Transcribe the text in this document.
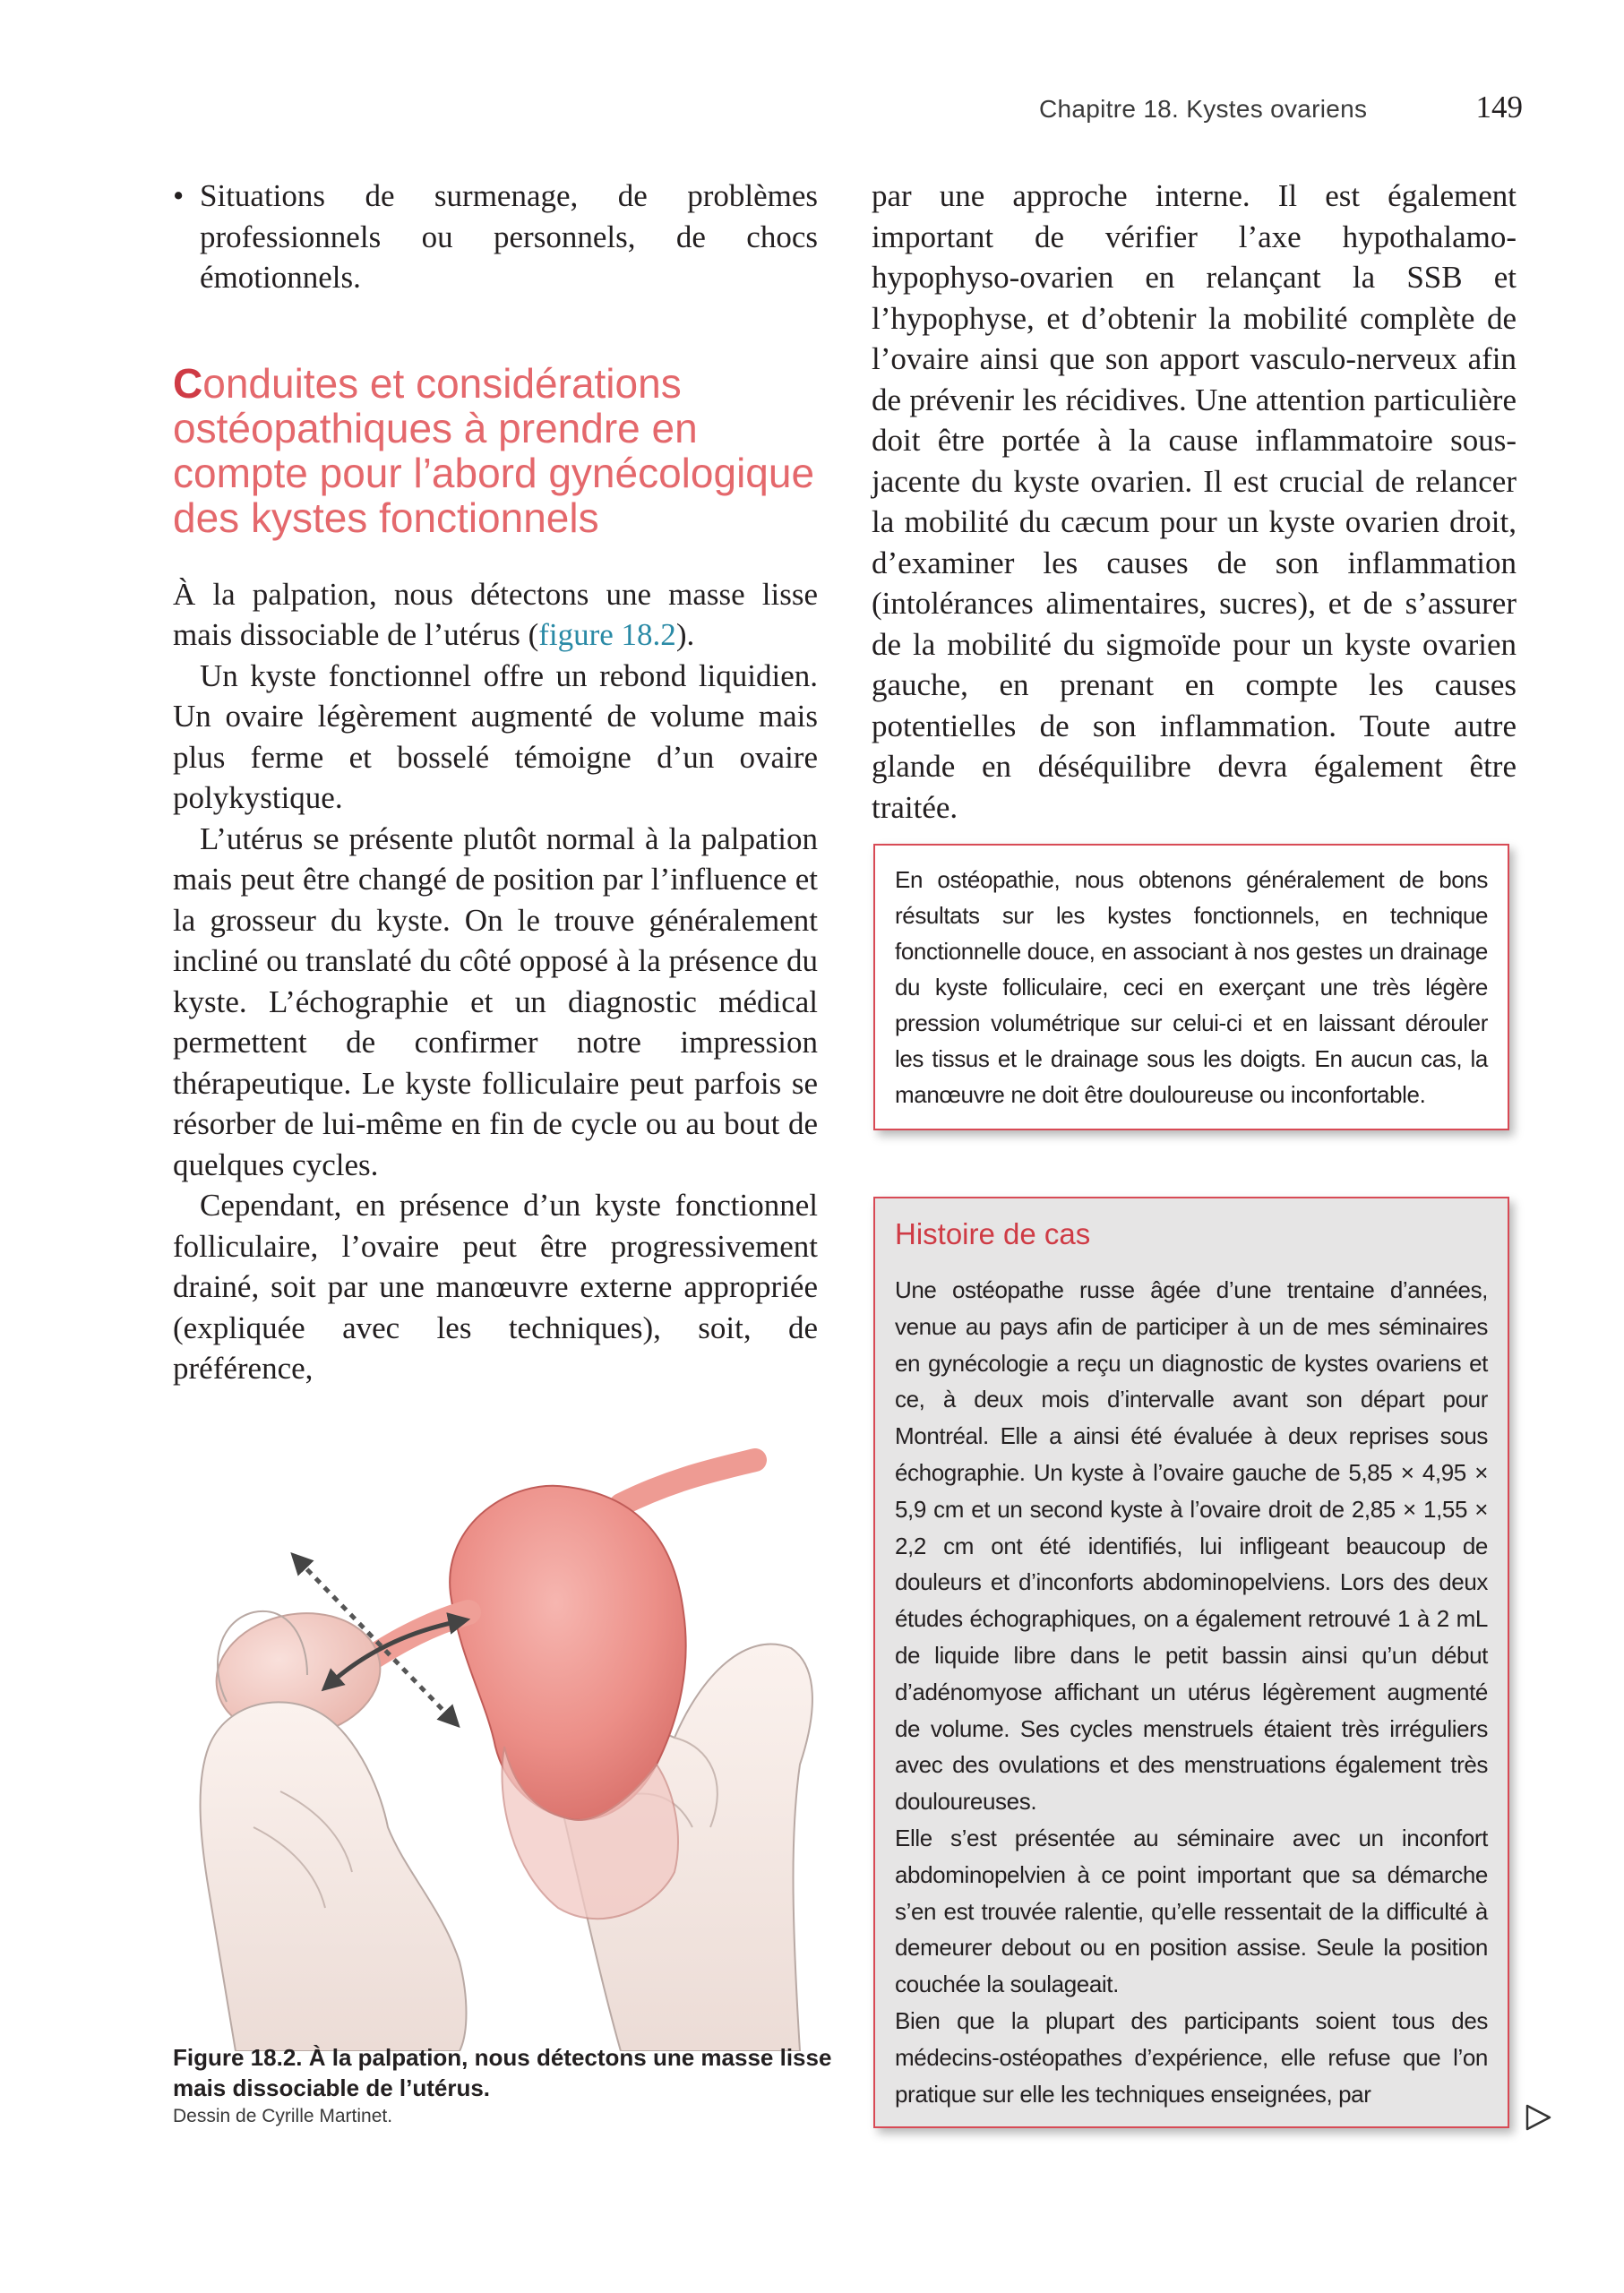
Chapitre 18. Kystes ovariens	149
• Situations de surmenage, de problèmes professionnels ou personnels, de chocs émotionnels.
Conduites et considérations ostéopathiques à prendre en compte pour l’abord gynécologique des kystes fonctionnels

À la palpation, nous détectons une masse lisse mais dissociable de l’utérus (figure 18.2).

Un kyste fonctionnel offre un rebond liquidien. Un ovaire légèrement augmenté de volume mais plus ferme et bosselé témoigne d’un ovaire polykystique.

L’utérus se présente plutôt normal à la palpation mais peut être changé de position par l’influence et la grosseur du kyste. On le trouve généralement incliné ou translaté du côté opposé à la présence du kyste. L’échographie et un diagnostic médical permettent de confirmer notre impression thérapeutique. Le kyste folliculaire peut parfois se résorber de lui-même en fin de cycle ou au bout de quelques cycles.

Cependant, en présence d’un kyste fonctionnel folliculaire, l’ovaire peut être progressivement drainé, soit par une manœuvre externe appropriée (expliquée avec les techniques), soit, de préférence,

Figure 18.2. À la palpation, nous détectons une masse lisse mais dissociable de l’utérus.
Dessin de Cyrille Martinet.

par une approche interne. Il est également important de vérifier l’axe hypothalamo-hypophyso-ovarien en relançant la SSB et l’hypophyse, et d’obtenir la mobilité complète de l’ovaire ainsi que son apport vasculo-nerveux afin de prévenir les récidives. Une attention particulière doit être portée à la cause inflammatoire sous-jacente du kyste ovarien. Il est crucial de relancer la mobilité du cæcum pour un kyste ovarien droit, d’examiner les causes de son inflammation (intolérances alimentaires, sucres), et de s’assurer de la mobilité du sigmoïde pour un kyste ovarien gauche, en prenant en compte les causes potentielles de son inflammation. Toute autre glande en déséquilibre devra également être traitée.

En ostéopathie, nous obtenons généralement de bons résultats sur les kystes fonctionnels, en technique fonctionnelle douce, en associant à nos gestes un drainage du kyste folliculaire, ceci en exerçant une très légère pression volumétrique sur celui-ci et en laissant dérouler les tissus et le drainage sous les doigts. En aucun cas, la manœuvre ne doit être douloureuse ou inconfortable.

Histoire de cas

Une ostéopathe russe âgée d’une trentaine d’années, venue au pays afin de participer à un de mes séminaires en gynécologie a reçu un diagnostic de kystes ovariens et ce, à deux mois d’intervalle avant son départ pour Montréal. Elle a ainsi été évaluée à deux reprises sous échographie. Un kyste à l’ovaire gauche de 5,85 × 4,95 × 5,9 cm et un second kyste à l’ovaire droit de 2,85 × 1,55 × 2,2 cm ont été identifiés, lui infligeant beaucoup de douleurs et d’inconforts abdominopelviens. Lors des deux études échographiques, on a également retrouvé 1 à 2 mL de liquide libre dans le petit bassin ainsi qu’un début d’adénomyose affichant un utérus légèrement augmenté de volume. Ses cycles menstruels étaient très irréguliers avec des ovulations et des menstruations également très douloureuses.

Elle s’est présentée au séminaire avec un inconfort abdominopelvien à ce point important que sa démarche s’en est trouvée ralentie, qu’elle ressentait de la difficulté à demeurer debout ou en position assise. Seule la position couchée la soulageait.

Bien que la plupart des participants soient tous des médecins-ostéopathes d’expérience, elle refuse que l’on pratique sur elle les techniques enseignées, par
